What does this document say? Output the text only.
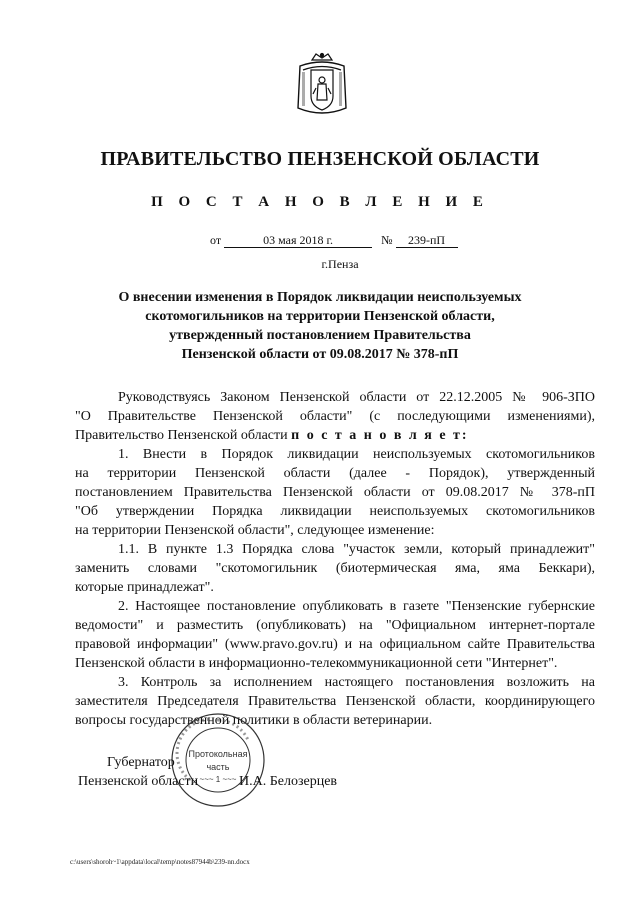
ПРАВИТЕЛЬСТВО ПЕНЗЕНСКОЙ ОБЛАСТИ
П О С Т А Н О В Л Е Н И Е
от	03 мая 2018 г.	№ 239-пП
г.Пенза
О внесении изменения в Порядок ликвидации неиспользуемых
скотомогильников на территории Пензенской области,
утвержденный постановлением Правительства
Пензенской области от 09.08.2017 № 378-пП
Руководствуясь Законом Пензенской области от 22.12.2005 № 906-ЗПО
"О Правительстве Пензенской области" (с последующими изменениями),
Правительство Пензенской области п о с т а н о в л я е т:
1. Внести в Порядок ликвидации неиспользуемых скотомогильников
на территории Пензенской области (далее - Порядок), утвержденный
постановлением Правительства Пензенской области от 09.08.2017 № 378-пП
"Об утверждении Порядка ликвидации неиспользуемых скотомогильников
на территории Пензенской области", следующее изменение:
1.1. В пункте 1.3 Порядка слова "участок земли, который принадлежит"
заменить словами "скотомогильник (биотермическая яма, яма Беккари),
которые принадлежат".
2. Настоящее постановление опубликовать в газете "Пензенские губернские
ведомости" и разместить (опубликовать) на "Официальном интернет-портале
правовой информации" (www.pravo.gov.ru) и на официальном сайте Правительства
Пензенской области в информационно-телекоммуникационной сети "Интернет".
3. Контроль за исполнением настоящего постановления возложить на
заместителя Председателя Правительства Пензенской области, координирующего
вопросы государственной политики в области ветеринарии.
Протокольная
часть
~~~ 1 ~~~
Губернатор
Пензенской области	И.А. Белозерцев
c:\users\shoroh~1\appdata\local\temp\notes87944b\239-nn.docx
